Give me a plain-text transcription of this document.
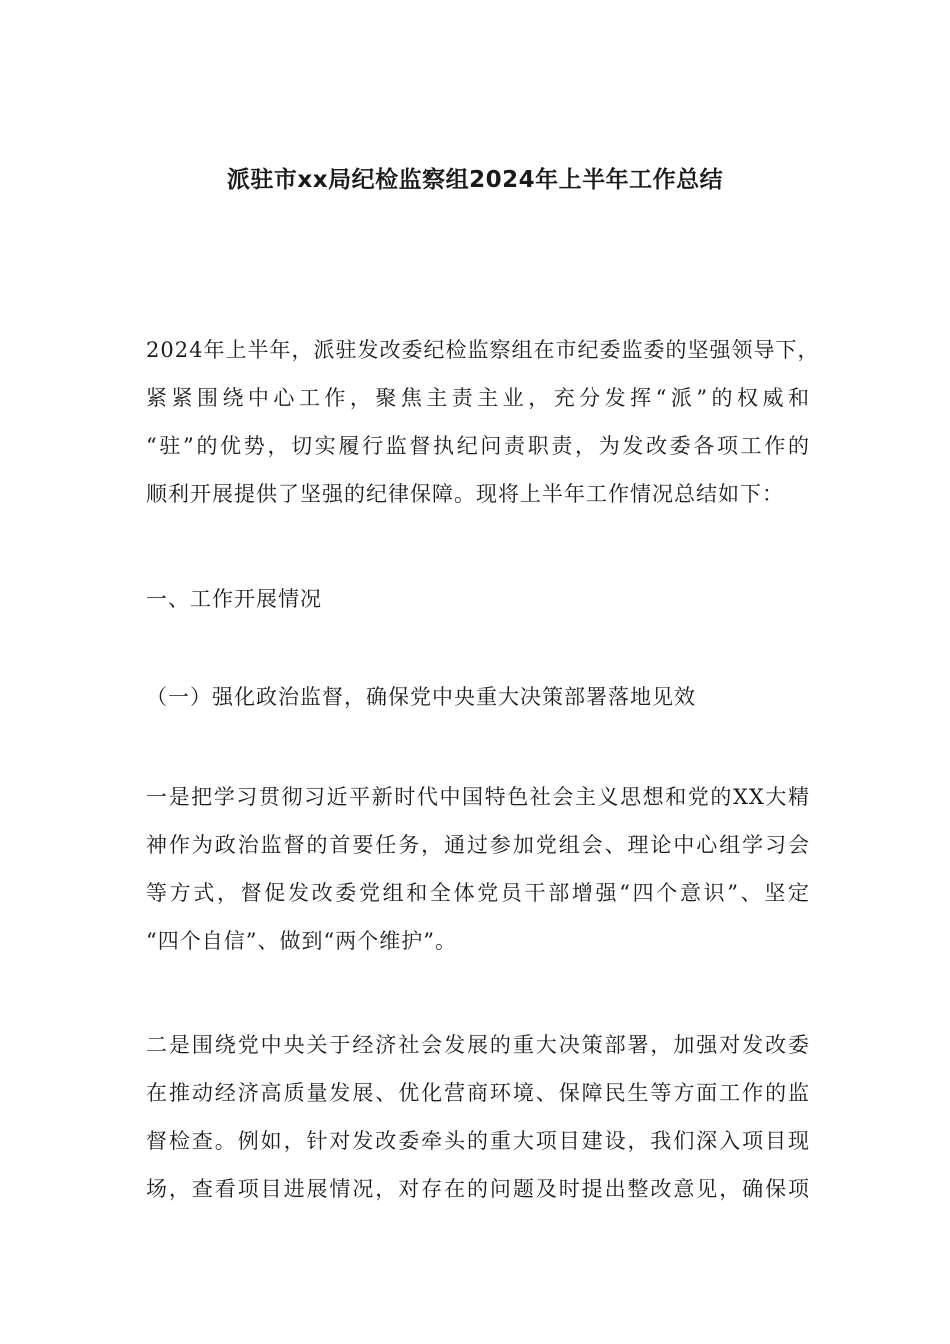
派驻市xx局纪检监察组2024年上半年工作总结
2024年上半年，派驻发改委纪检监察组在市纪委监委的坚强领导下，
紧紧围绕中心工作，聚焦主责主业，充分发挥“派”的权威和
“驻”的优势，切实履行监督执纪问责职责，为发改委各项工作的
顺利开展提供了坚强的纪律保障。现将上半年工作情况总结如下：
一、工作开展情况
（一）强化政治监督，确保党中央重大决策部署落地见效
一是把学习贯彻习近平新时代中国特色社会主义思想和党的XX大精
神作为政治监督的首要任务，通过参加党组会、理论中心组学习会
等方式，督促发改委党组和全体党员干部增强“四个意识”、坚定
“四个自信”、做到“两个维护”。
二是围绕党中央关于经济社会发展的重大决策部署，加强对发改委
在推动经济高质量发展、优化营商环境、保障民生等方面工作的监
督检查。例如，针对发改委牵头的重大项目建设，我们深入项目现
场，查看项目进展情况，对存在的问题及时提出整改意见，确保项
